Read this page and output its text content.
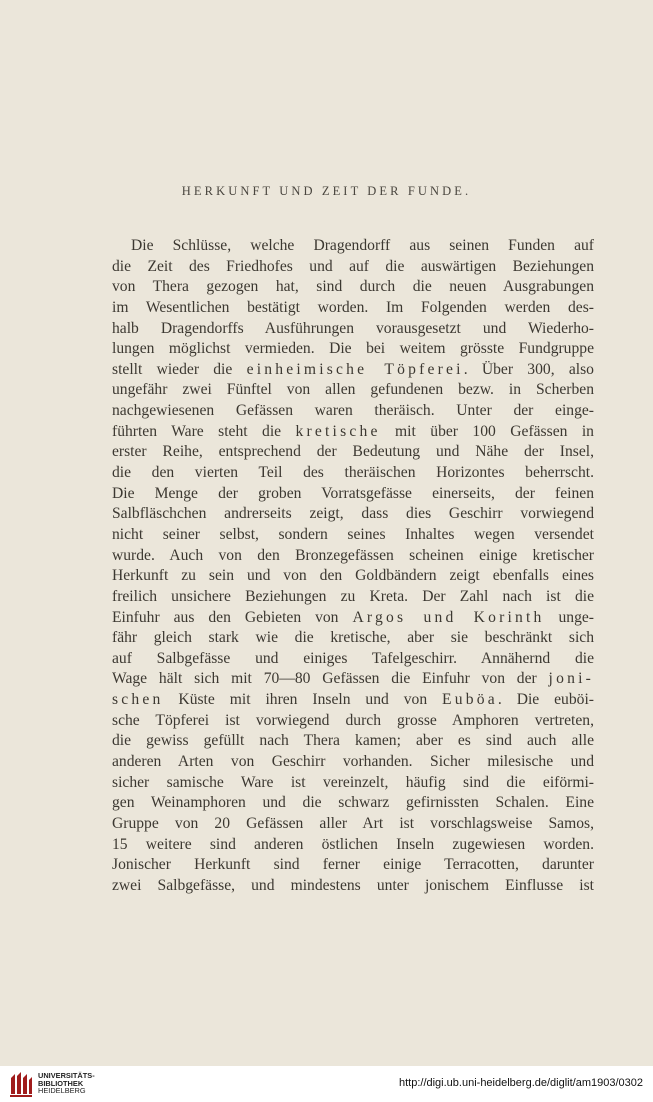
HERKUNFT UND ZEIT DER FUNDE.
Die Schlüsse, welche Dragendorff aus seinen Funden auf
die Zeit des Friedhofes und auf die auswärtigen Beziehungen
von Thera gezogen hat, sind durch die neuen Ausgrabungen
im Wesentlichen bestätigt worden. Im Folgenden werden des-
halb Dragendorffs Ausführungen vorausgesetzt und Wiederho-
lungen möglichst vermieden. Die bei weitem grösste Fundgruppe
stellt wieder die einheimische Töpferei. Über 300, also
ungefähr zwei Fünftel von allen gefundenen bezw. in Scherben
nachgewiesenen Gefässen waren theräisch. Unter der einge-
führten Ware steht die kretische mit über 100 Gefässen in
erster Reihe, entsprechend der Bedeutung und Nähe der Insel,
die den vierten Teil des theräischen Horizontes beherrscht.
Die Menge der groben Vorratsgefässe einerseits, der feinen
Salbfläschchen andrerseits zeigt, dass dies Geschirr vorwiegend
nicht seiner selbst, sondern seines Inhaltes wegen versendet
wurde. Auch von den Bronzegefässen scheinen einige kretischer
Herkunft zu sein und von den Goldbändern zeigt ebenfalls eines
freilich unsichere Beziehungen zu Kreta. Der Zahl nach ist die
Einfuhr aus den Gebieten von Argos und Korinth unge-
fähr gleich stark wie die kretische, aber sie beschränkt sich
auf Salbgefässe und einiges Tafelgeschirr. Annähernd die
Wage hält sich mit 70—80 Gefässen die Einfuhr von der joni-
schen Küste mit ihren Inseln und von Euböa. Die euböi-
sche Töpferei ist vorwiegend durch grosse Amphoren vertreten,
die gewiss gefüllt nach Thera kamen; aber es sind auch alle
anderen Arten von Geschirr vorhanden. Sicher milesische und
sicher samische Ware ist vereinzelt, häufig sind die eiförmi-
gen Weinamphoren und die schwarz gefirnissten Schalen. Eine
Gruppe von 20 Gefässen aller Art ist vorschlagsweise Samos,
15 weitere sind anderen östlichen Inseln zugewiesen worden.
Jonischer Herkunft sind ferner einige Terracotten, darunter
zwei Salbgefässe, und mindestens unter jonischem Einflusse ist
UNIVERSITÄTS-
BIBLIOTHEK
HEIDELBERG
http://digi.ub.uni-heidelberg.de/diglit/am1903/0302
